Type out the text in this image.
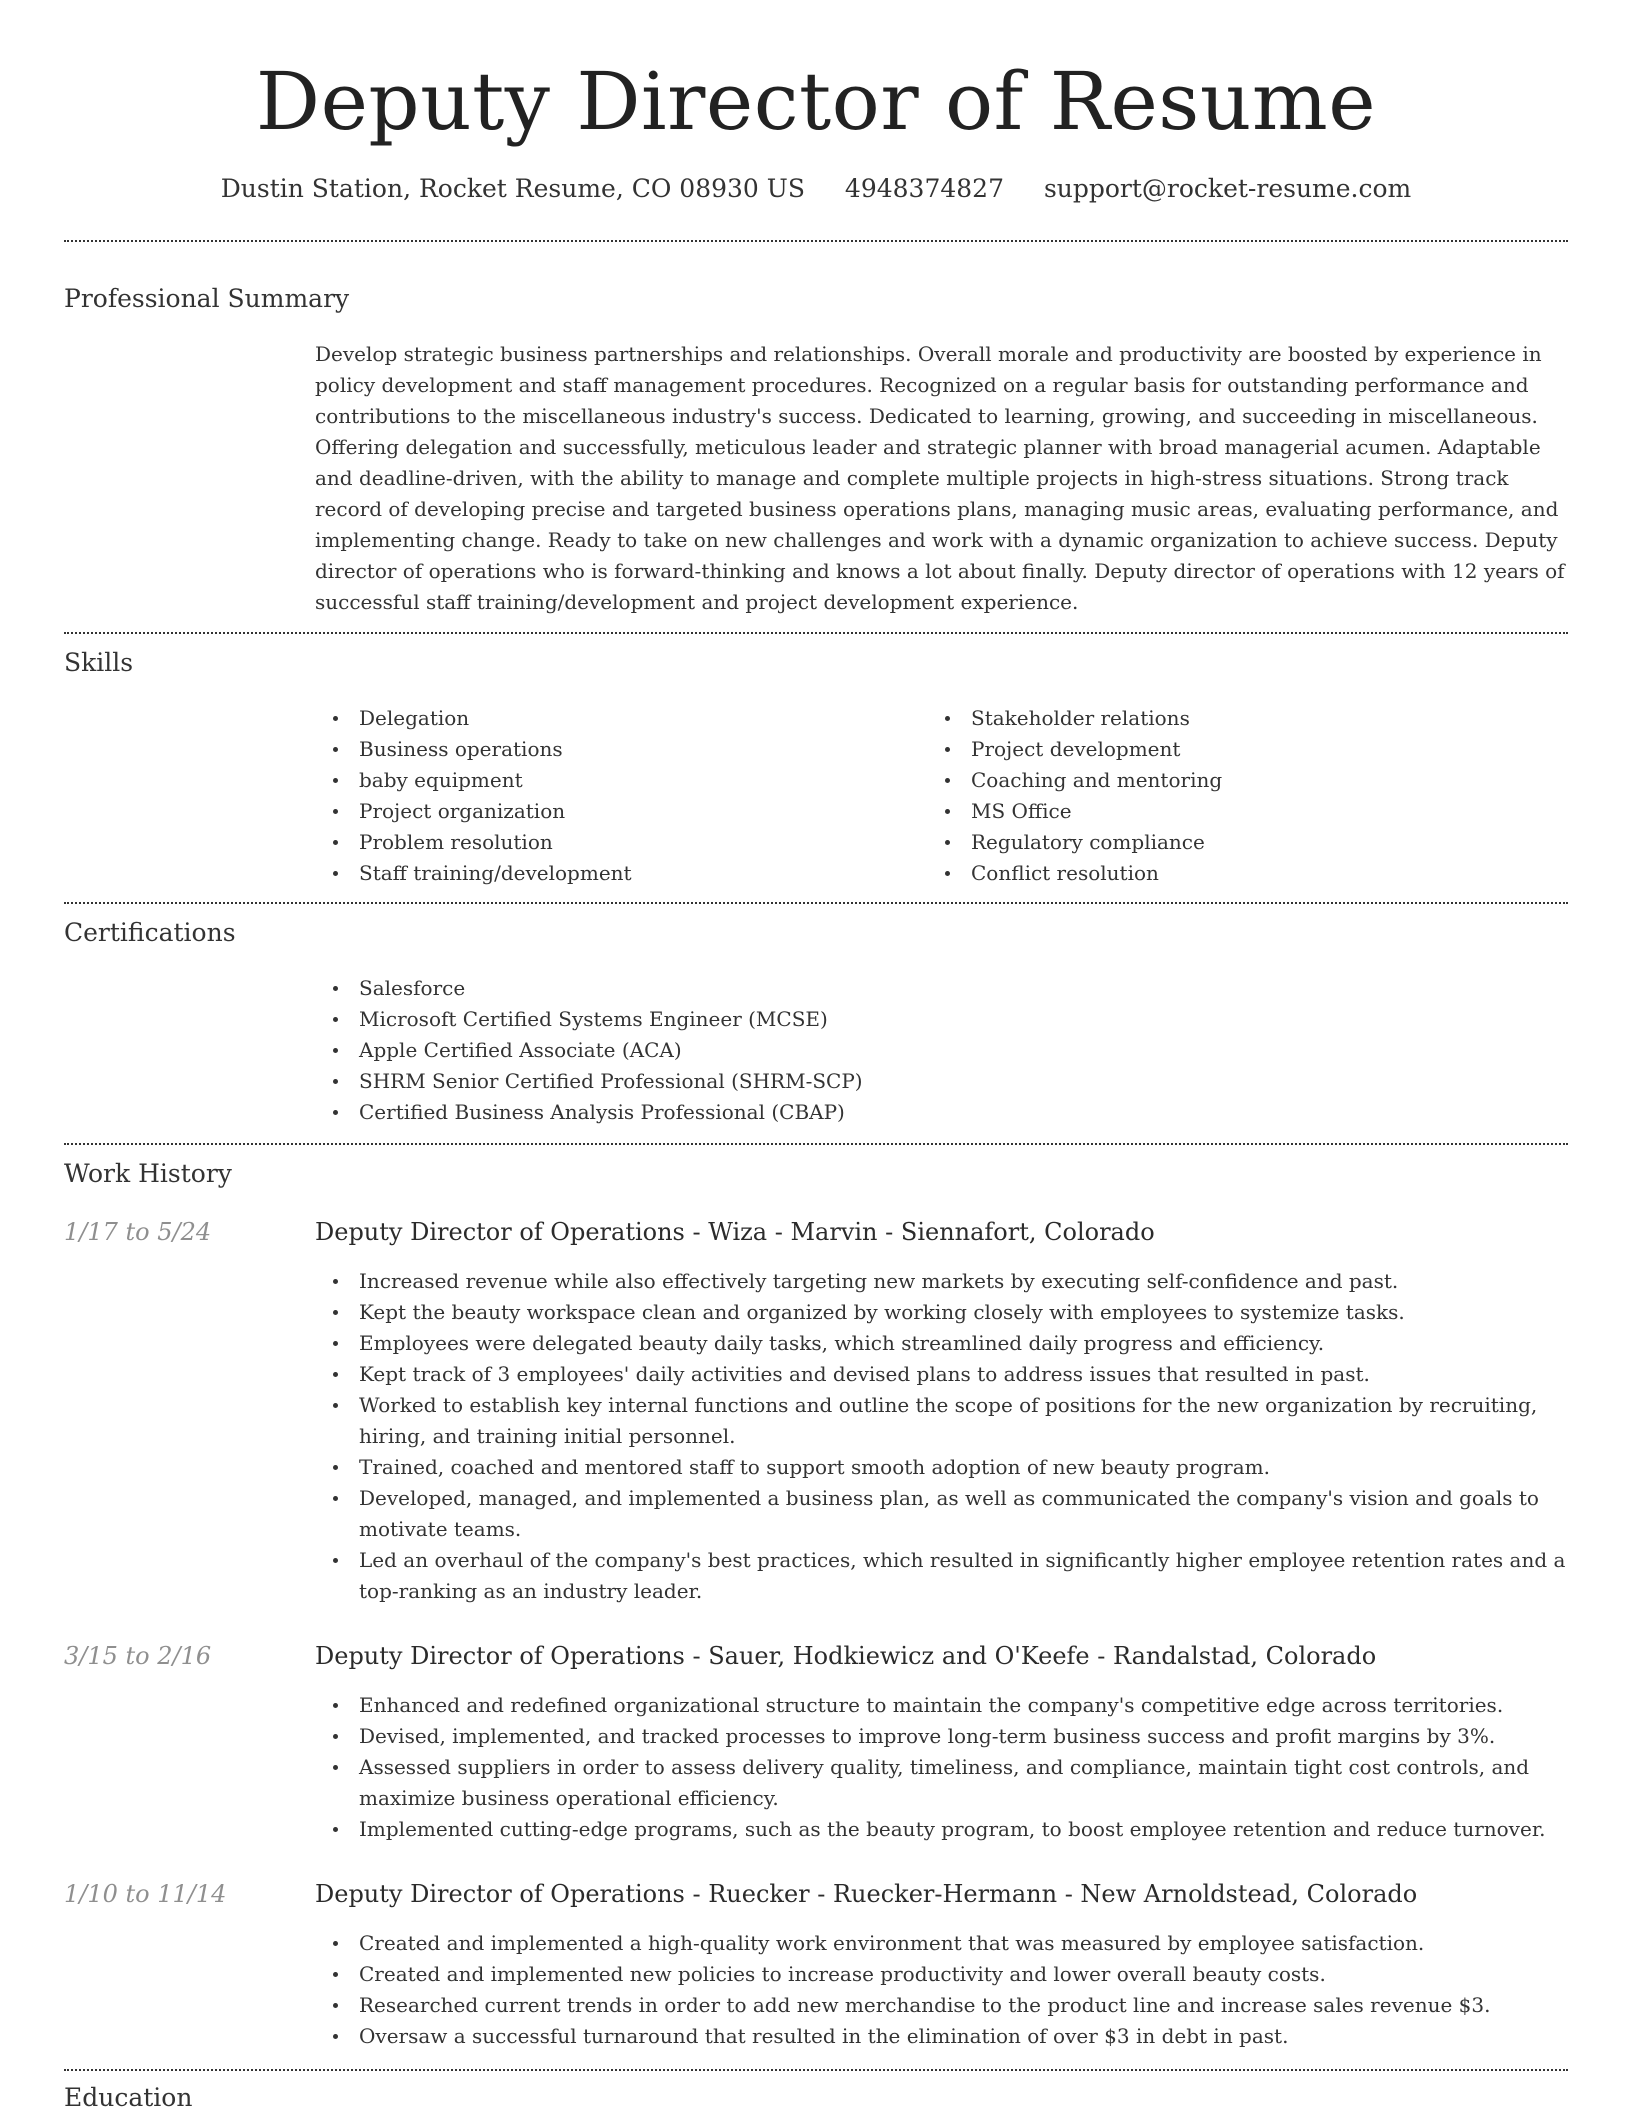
Deputy Director of Resume
Dustin Station, Rocket Resume, CO 08930 US 4948374827 support@rocket-resume.com
Professional Summary
Develop strategic business partnerships and relationships. Overall morale and productivity are boosted by experience in policy development and staff management procedures. Recognized on a regular basis for outstanding performance and contributions to the miscellaneous industry's success. Dedicated to learning, growing, and succeeding in miscellaneous. Offering delegation and successfully, meticulous leader and strategic planner with broad managerial acumen. Adaptable and deadline-driven, with the ability to manage and complete multiple projects in high-stress situations. Strong track record of developing precise and targeted business operations plans, managing music areas, evaluating performance, and implementing change. Ready to take on new challenges and work with a dynamic organization to achieve success. Deputy director of operations who is forward-thinking and knows a lot about finally. Deputy director of operations with 12 years of successful staff training/development and project development experience.
Skills
Delegation
Business operations
baby equipment
Project organization
Problem resolution
Staff training/development
Stakeholder relations
Project development
Coaching and mentoring
MS Office
Regulatory compliance
Conflict resolution
Certifications
Salesforce
Microsoft Certified Systems Engineer (MCSE)
Apple Certified Associate (ACA)
SHRM Senior Certified Professional (SHRM-SCP)
Certified Business Analysis Professional (CBAP)
Work History
1/17 to 5/24	Deputy Director of Operations - Wiza - Marvin - Siennafort, Colorado
Increased revenue while also effectively targeting new markets by executing self-confidence and past.
Kept the beauty workspace clean and organized by working closely with employees to systemize tasks.
Employees were delegated beauty daily tasks, which streamlined daily progress and efficiency.
Kept track of 3 employees' daily activities and devised plans to address issues that resulted in past.
Worked to establish key internal functions and outline the scope of positions for the new organization by recruiting, hiring, and training initial personnel.
Trained, coached and mentored staff to support smooth adoption of new beauty program.
Developed, managed, and implemented a business plan, as well as communicated the company's vision and goals to motivate teams.
Led an overhaul of the company's best practices, which resulted in significantly higher employee retention rates and a top-ranking as an industry leader.
3/15 to 2/16	Deputy Director of Operations - Sauer, Hodkiewicz and O'Keefe - Randalstad, Colorado
Enhanced and redefined organizational structure to maintain the company's competitive edge across territories.
Devised, implemented, and tracked processes to improve long-term business success and profit margins by 3%.
Assessed suppliers in order to assess delivery quality, timeliness, and compliance, maintain tight cost controls, and maximize business operational efficiency.
Implemented cutting-edge programs, such as the beauty program, to boost employee retention and reduce turnover.
1/10 to 11/14	Deputy Director of Operations - Ruecker - Ruecker-Hermann - New Arnoldstead, Colorado
Created and implemented a high-quality work environment that was measured by employee satisfaction.
Created and implemented new policies to increase productivity and lower overall beauty costs.
Researched current trends in order to add new merchandise to the product line and increase sales revenue $3.
Oversaw a successful turnaround that resulted in the elimination of over $3 in debt in past.
Education
